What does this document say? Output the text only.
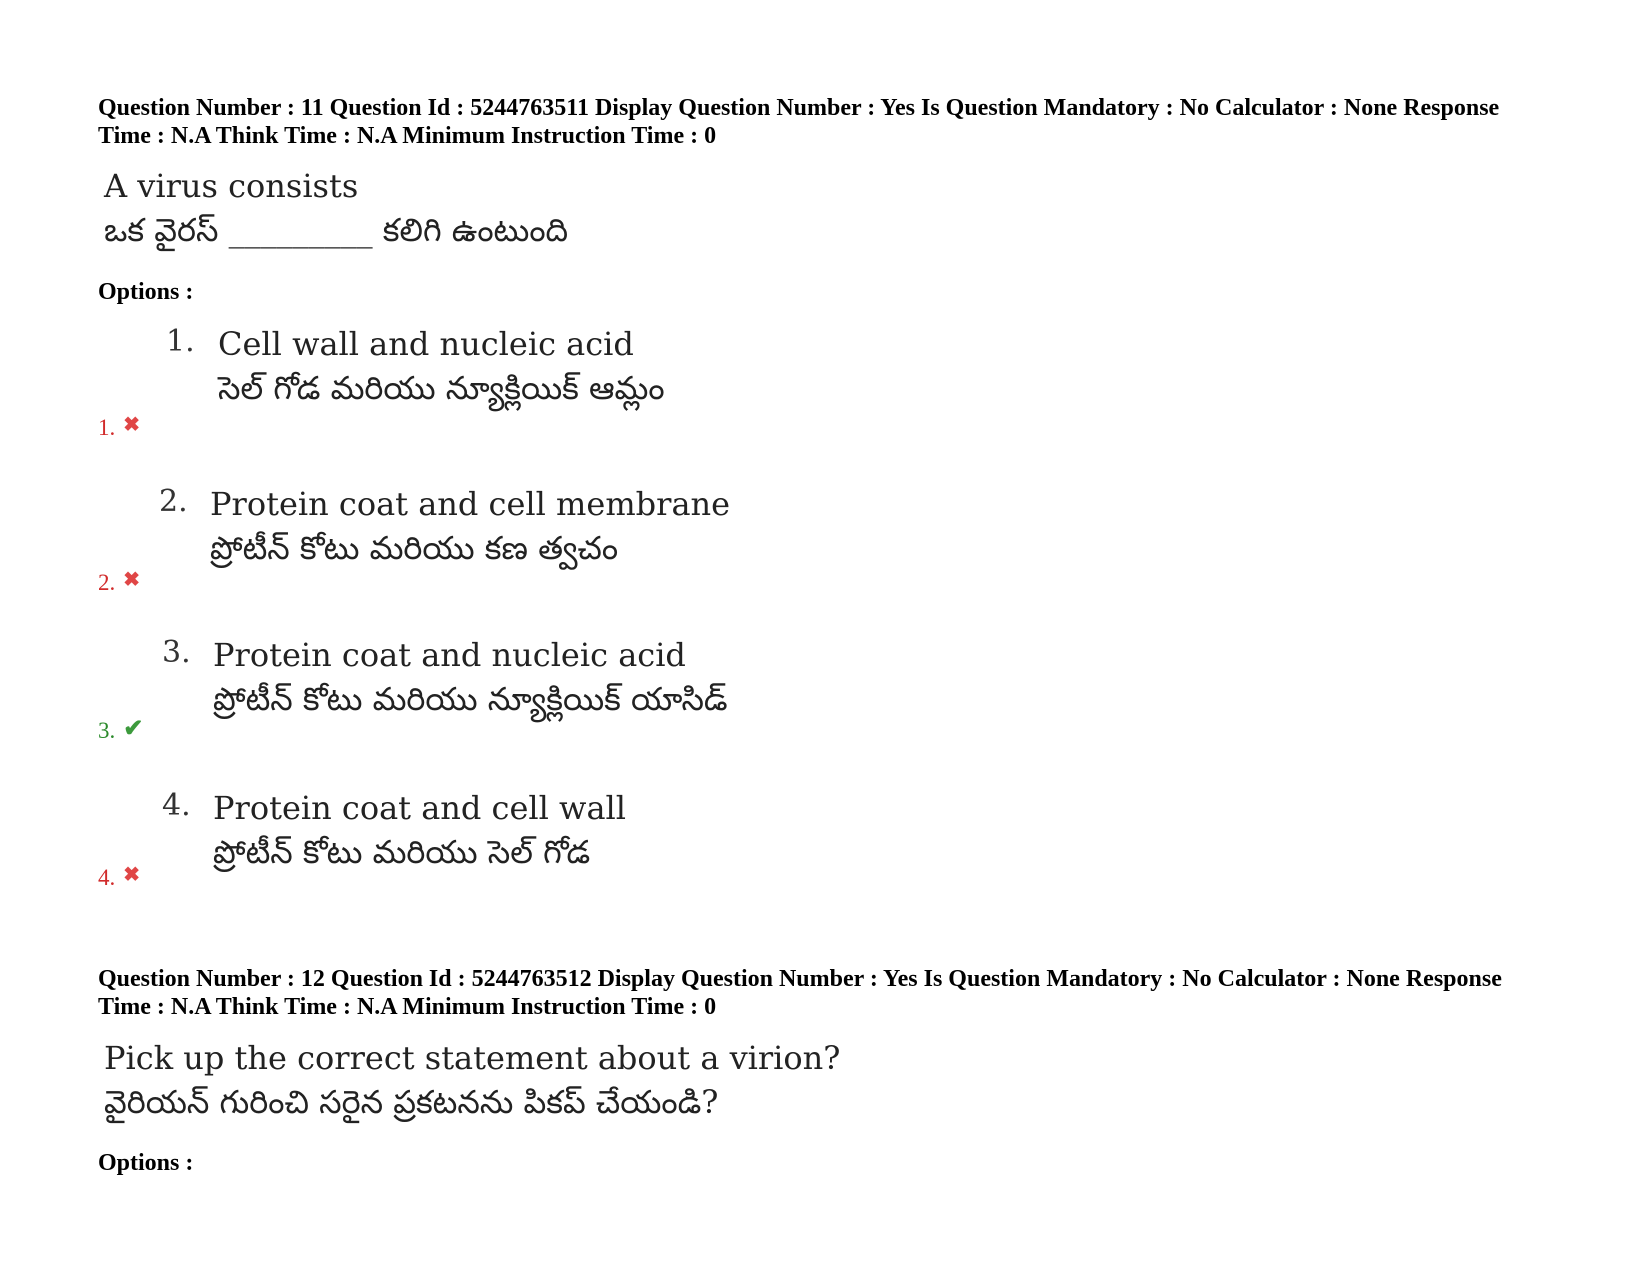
Question Number : 11 Question Id : 5244763511 Display Question Number : Yes Is Question Mandatory : No Calculator : None Response
Time : N.A Think Time : N.A Minimum Instruction Time : 0
A virus consists
ఒక వైరస్ _________ కలిగి ఉంటుంది
Options :
1. Cell wall and nucleic acid
సెల్ గోడ మరియు న్యూక్లియిక్ ఆమ్లం
1. ✖
2. Protein coat and cell membrane
ప్రోటీన్ కోటు మరియు కణ త్వచం
2. ✖
3. Protein coat and nucleic acid
ప్రోటీన్ కోటు మరియు న్యూక్లియిక్ యాసిడ్
3. ✔
4. Protein coat and cell wall
ప్రోటీన్ కోటు మరియు సెల్ గోడ
4. ✖
Question Number : 12 Question Id : 5244763512 Display Question Number : Yes Is Question Mandatory : No Calculator : None Response
Time : N.A Think Time : N.A Minimum Instruction Time : 0
Pick up the correct statement about a virion?
వైరియన్ గురించి సరైన ప్రకటనను పికప్ చేయండి?
Options :
